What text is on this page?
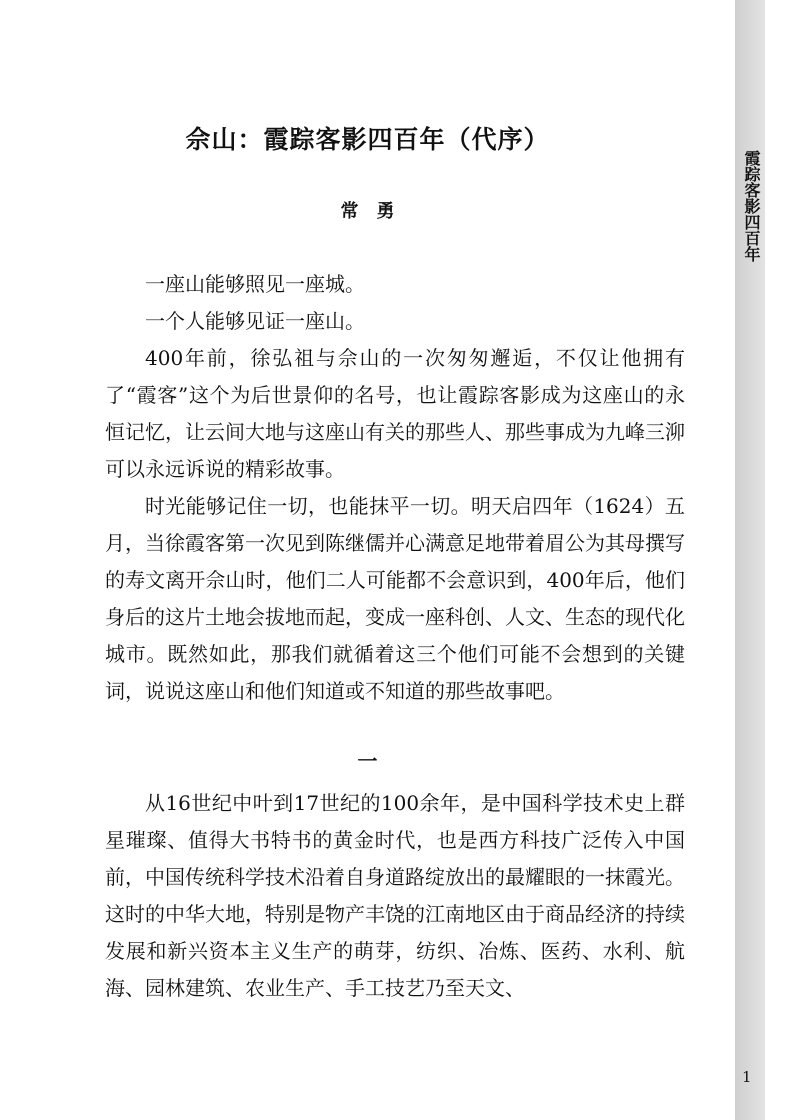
霞踪客影四百年
佘山：霞踪客影四百年（代序）
常勇

一座山能够照见一座城。

一个人能够见证一座山。

400年前，徐弘祖与佘山的一次匆匆邂逅，不仅让他拥有了“霞客”这个为后世景仰的名号，也让霞踪客影成为这座山的永恒记忆，让云间大地与这座山有关的那些人、那些事成为九峰三泖可以永远诉说的精彩故事。

时光能够记住一切，也能抹平一切。明天启四年（1624）五月，当徐霞客第一次见到陈继儒并心满意足地带着眉公为其母撰写的寿文离开佘山时，他们二人可能都不会意识到，400年后，他们身后的这片土地会拔地而起，变成一座科创、人文、生态的现代化城市。既然如此，那我们就循着这三个他们可能不会想到的关键词，说说这座山和他们知道或不知道的那些故事吧。

一

从16世纪中叶到17世纪的100余年，是中国科学技术史上群星璀璨、值得大书特书的黄金时代，也是西方科技广泛传入中国前，中国传统科学技术沿着自身道路绽放出的最耀眼的一抹霞光。这时的中华大地，特别是物产丰饶的江南地区由于商品经济的持续发展和新兴资本主义生产的萌芽，纺织、冶炼、医药、水利、航海、园林建筑、农业生产、手工技艺乃至天文、

1
